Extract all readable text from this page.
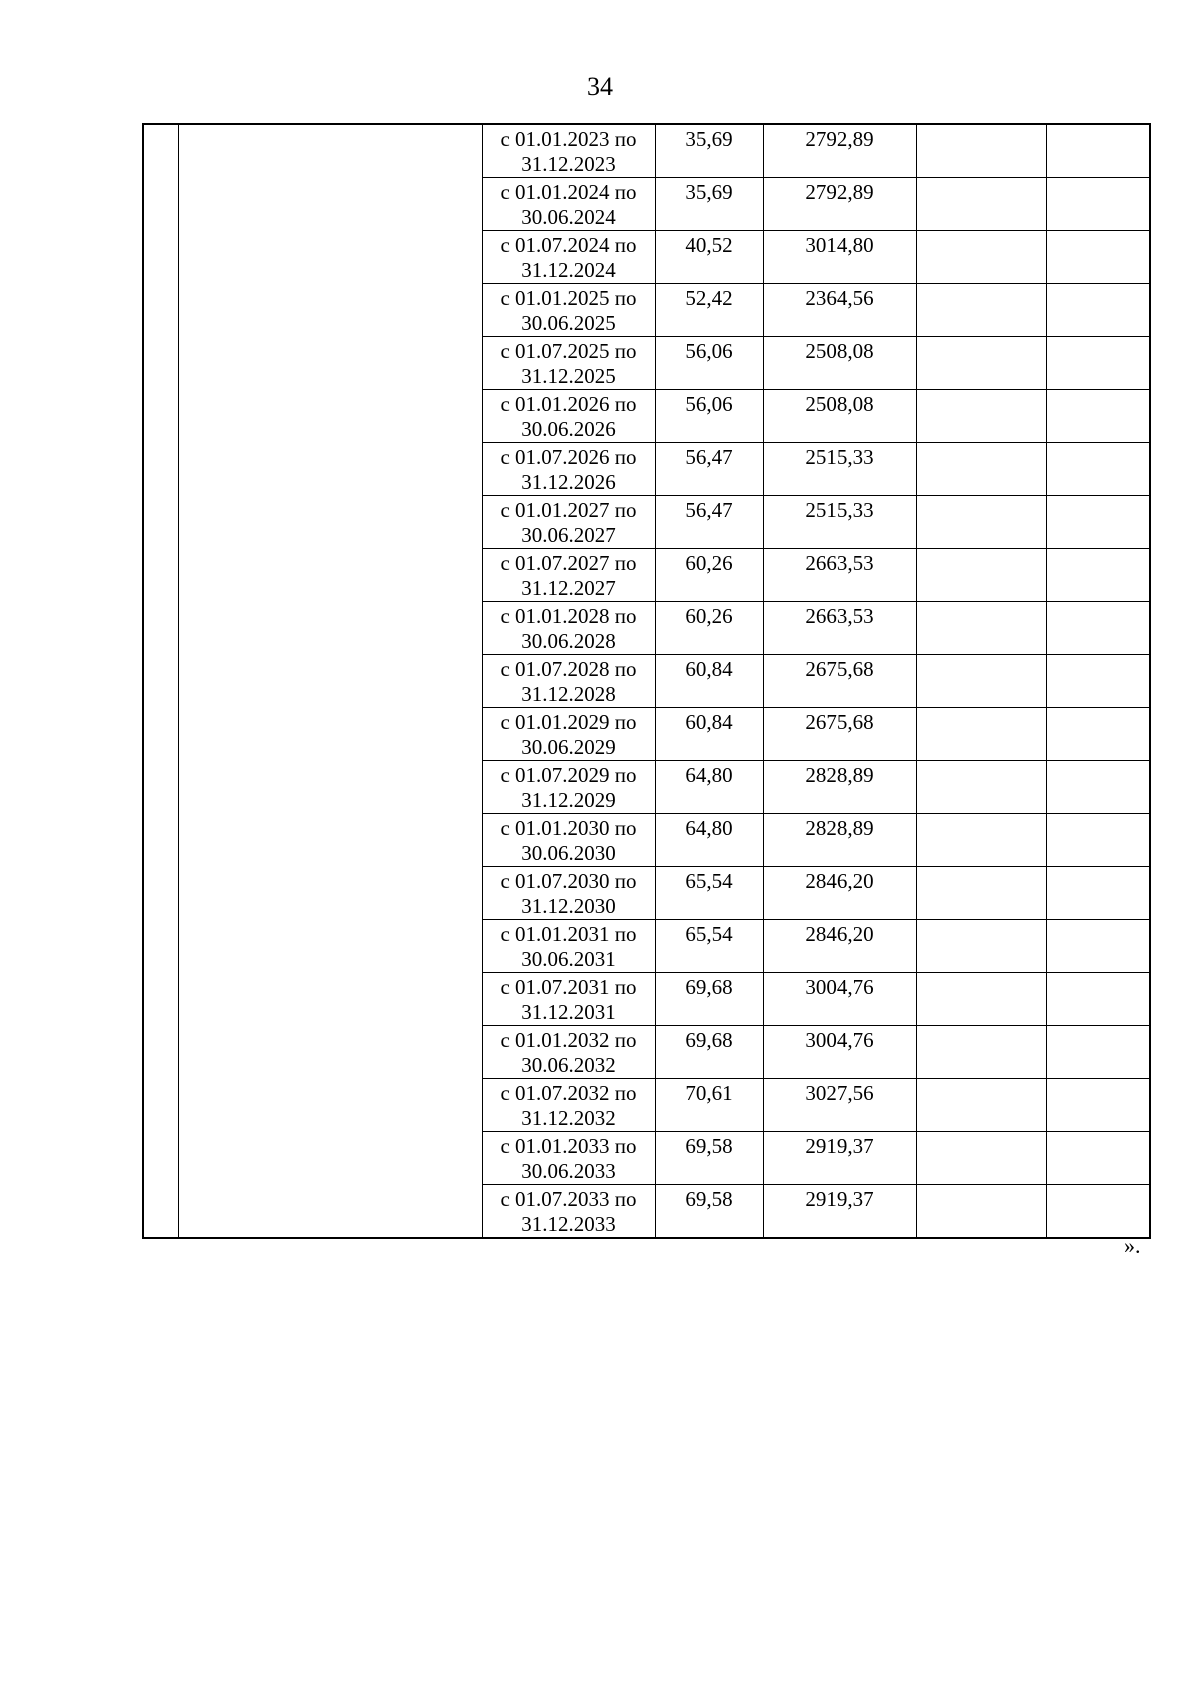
34
		с 01.01.2023 по 31.12.2023	35,69	2792,89		
		с 01.01.2024 по 30.06.2024	35,69	2792,89		
		с 01.07.2024 по 31.12.2024	40,52	3014,80		
		с 01.01.2025 по 30.06.2025	52,42	2364,56		
		с 01.07.2025 по 31.12.2025	56,06	2508,08		
		с 01.01.2026 по 30.06.2026	56,06	2508,08		
		с 01.07.2026 по 31.12.2026	56,47	2515,33		
		с 01.01.2027 по 30.06.2027	56,47	2515,33		
		с 01.07.2027 по 31.12.2027	60,26	2663,53		
		с 01.01.2028 по 30.06.2028	60,26	2663,53		
		с 01.07.2028 по 31.12.2028	60,84	2675,68		
		с 01.01.2029 по 30.06.2029	60,84	2675,68		
		с 01.07.2029 по 31.12.2029	64,80	2828,89		
		с 01.01.2030 по 30.06.2030	64,80	2828,89		
		с 01.07.2030 по 31.12.2030	65,54	2846,20		
		с 01.01.2031 по 30.06.2031	65,54	2846,20		
		с 01.07.2031 по 31.12.2031	69,68	3004,76		
		с 01.01.2032 по 30.06.2032	69,68	3004,76		
		с 01.07.2032 по 31.12.2032	70,61	3027,56		
		с 01.01.2033 по 30.06.2033	69,58	2919,37		
		с 01.07.2033 по 31.12.2033	69,58	2919,37		
».
